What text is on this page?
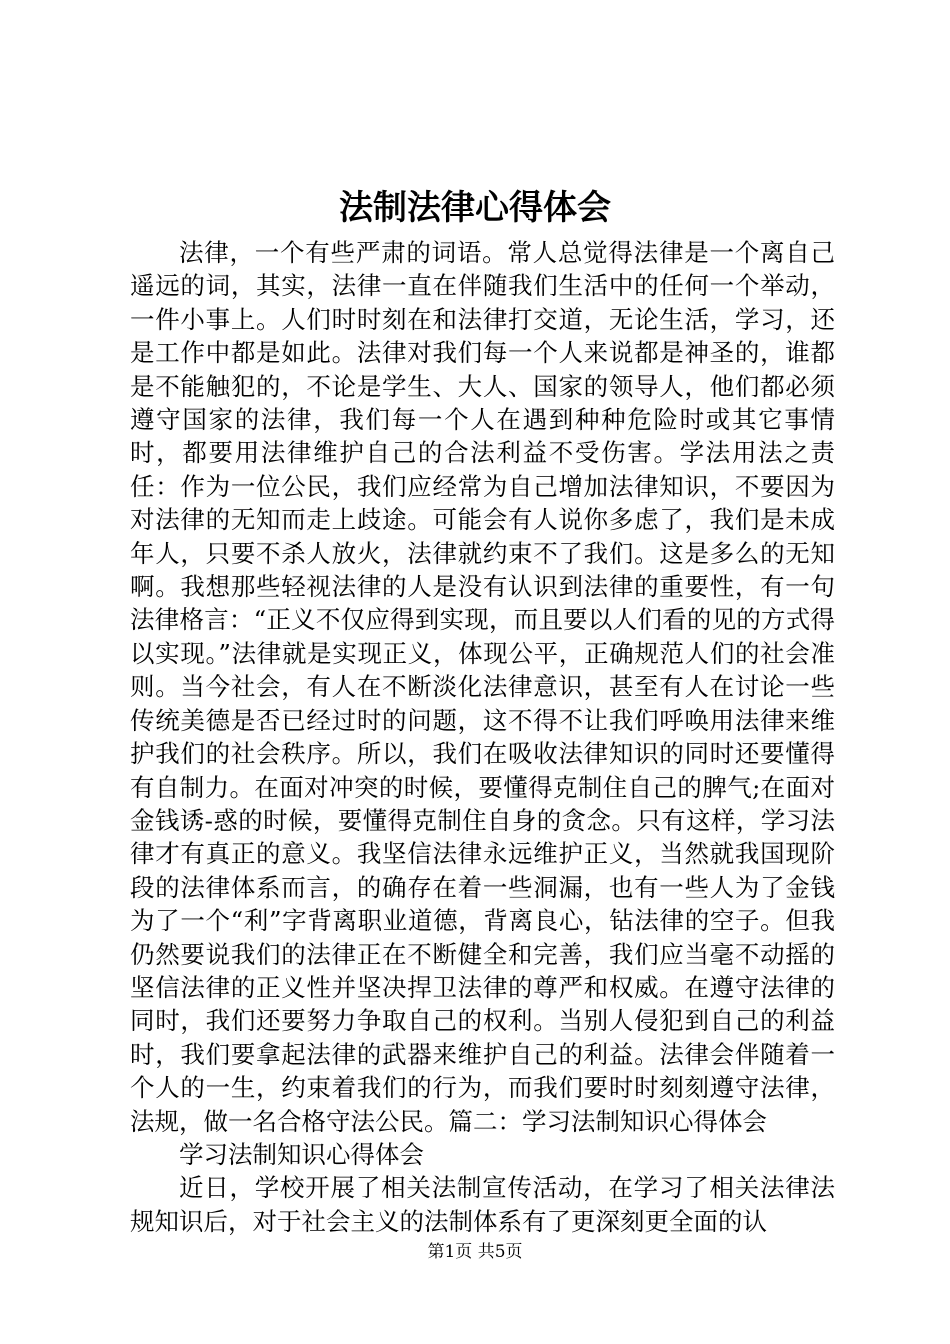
法制法律心得体会

法律，一个有些严肃的词语。常人总觉得法律是一个离自己遥远的词，其实，法律一直在伴随我们生活中的任何一个举动，一件小事上。人们时时刻在和法律打交道，无论生活，学习，还是工作中都是如此。法律对我们每一个人来说都是神圣的，谁都是不能触犯的，不论是学生、大人、国家的领导人，他们都必须遵守国家的法律，我们每一个人在遇到种种危险时或其它事情时，都要用法律维护自己的合法利益不受伤害。学法用法之责任：作为一位公民，我们应经常为自己增加法律知识，不要因为对法律的无知而走上歧途。可能会有人说你多虑了，我们是未成年人，只要不杀人放火，法律就约束不了我们。这是多么的无知啊。我想那些轻视法律的人是没有认识到法律的重要性，有一句法律格言：“正义不仅应得到实现，而且要以人们看的见的方式得以实现。”法律就是实现正义，体现公平，正确规范人们的社会准则。当今社会，有人在不断淡化法律意识，甚至有人在讨论一些传统美德是否已经过时的问题，这不得不让我们呼唤用法律来维护我们的社会秩序。所以，我们在吸收法律知识的同时还要懂得有自制力。在面对冲突的时候，要懂得克制住自己的脾气;在面对金钱诱-惑的时候，要懂得克制住自身的贪念。只有这样，学习法律才有真正的意义。我坚信法律永远维护正义，当然就我国现阶段的法律体系而言，的确存在着一些洞漏，也有一些人为了金钱为了一个“利”字背离职业道德，背离良心，钻法律的空子。但我仍然要说我们的法律正在不断健全和完善，我们应当毫不动摇的坚信法律的正义性并坚决捍卫法律的尊严和权威。在遵守法律的同时，我们还要努力争取自己的权利。当别人侵犯到自己的利益时，我们要拿起法律的武器来维护自己的利益。法律会伴随着一个人的一生，约束着我们的行为，而我们要时时刻刻遵守法律，法规，做一名合格守法公民。篇二：学习法制知识心得体会

学习法制知识心得体会

近日，学校开展了相关法制宣传活动，在学习了相关法律法规知识后，对于社会主义的法制体系有了更深刻更全面的认

第1页 共5页
